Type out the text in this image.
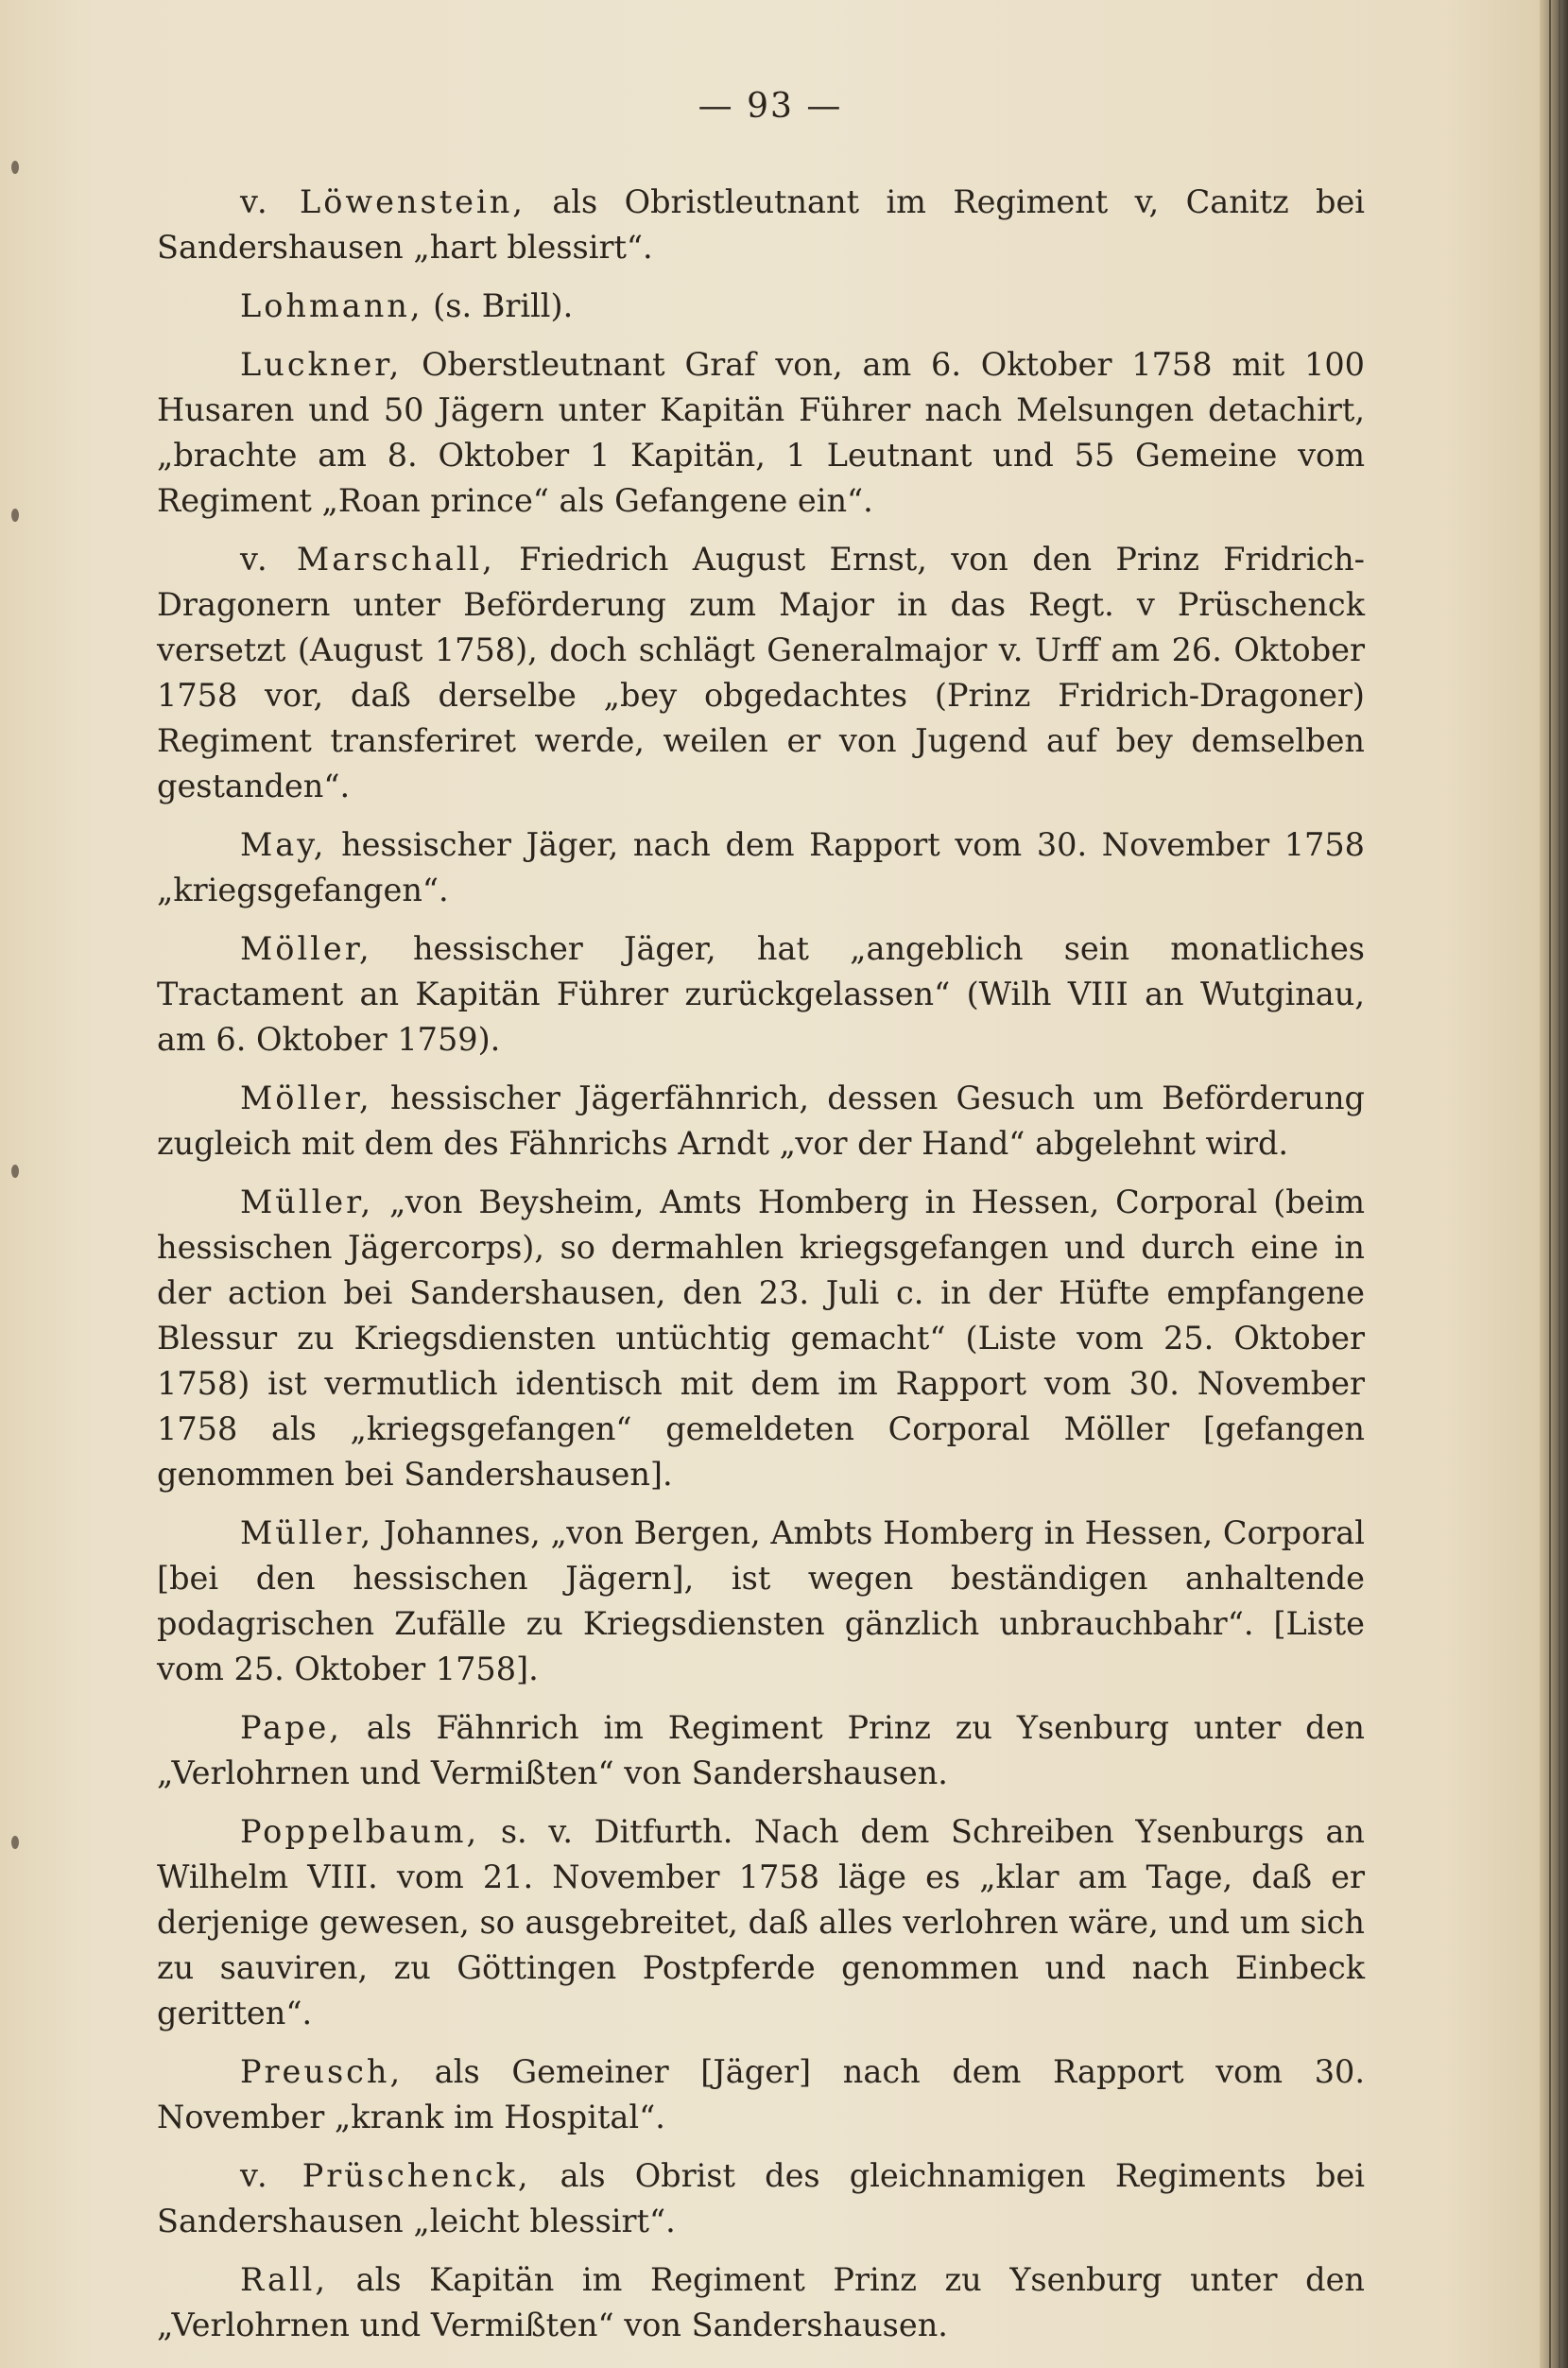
— 93 —

v. Löwenstein, als Obristleutnant im Regiment v, Canitz bei Sandershausen „hart blessirt“.

Lohmann, (s. Brill).

Luckner, Oberstleutnant Graf von, am 6. Oktober 1758 mit 100 Husaren und 50 Jägern unter Kapitän Führer nach Melsungen detachirt, „brachte am 8. Oktober 1 Kapitän, 1 Leutnant und 55 Gemeine vom Regiment „Roan prince“ als Gefangene ein“.

v. Marschall, Friedrich August Ernst, von den Prinz Fridrich-Dragonern unter Beförderung zum Major in das Regt. v Prüschenck versetzt (August 1758), doch schlägt Generalmajor v. Urff am 26. Oktober 1758 vor, daß derselbe „bey obgedachtes (Prinz Fridrich-Dragoner) Regiment transferiret werde, weilen er von Jugend auf bey demselben gestanden“.

May, hessischer Jäger, nach dem Rapport vom 30. November 1758 „kriegsgefangen“.

Möller, hessischer Jäger, hat „angeblich sein monatliches Tractament an Kapitän Führer zurückgelassen“ (Wilh VIII an Wutginau, am 6. Oktober 1759).

Möller, hessischer Jägerfähnrich, dessen Gesuch um Beförderung zugleich mit dem des Fähnrichs Arndt „vor der Hand“ abgelehnt wird.

Müller, „von Beysheim, Amts Homberg in Hessen, Corporal (beim hessischen Jägercorps), so dermahlen kriegsgefangen und durch eine in der action bei Sandershausen, den 23. Juli c. in der Hüfte empfangene Blessur zu Kriegsdiensten untüchtig gemacht“ (Liste vom 25. Oktober 1758) ist vermutlich identisch mit dem im Rapport vom 30. November 1758 als „kriegsgefangen“ gemeldeten Corporal Möller [gefangen genommen bei Sandershausen].

Müller, Johannes, „von Bergen, Ambts Homberg in Hessen, Corporal [bei den hessischen Jägern], ist wegen beständigen anhaltende podagrischen Zufälle zu Kriegsdiensten gänzlich unbrauchbahr“. [Liste vom 25. Oktober 1758].

Pape, als Fähnrich im Regiment Prinz zu Ysenburg unter den „Verlohrnen und Vermißten“ von Sandershausen.

Poppelbaum, s. v. Ditfurth. Nach dem Schreiben Ysenburgs an Wilhelm VIII. vom 21. November 1758 läge es „klar am Tage, daß er derjenige gewesen, so ausgebreitet, daß alles verlohren wäre, und um sich zu sauviren, zu Göttingen Postpferde genommen und nach Einbeck geritten“.

Preusch, als Gemeiner [Jäger] nach dem Rapport vom 30. November „krank im Hospital“.

v. Prüschenck, als Obrist des gleichnamigen Regiments bei Sandershausen „leicht blessirt“.

Rall, als Kapitän im Regiment Prinz zu Ysenburg unter den „Verlohrnen und Vermißten“ von Sandershausen.
